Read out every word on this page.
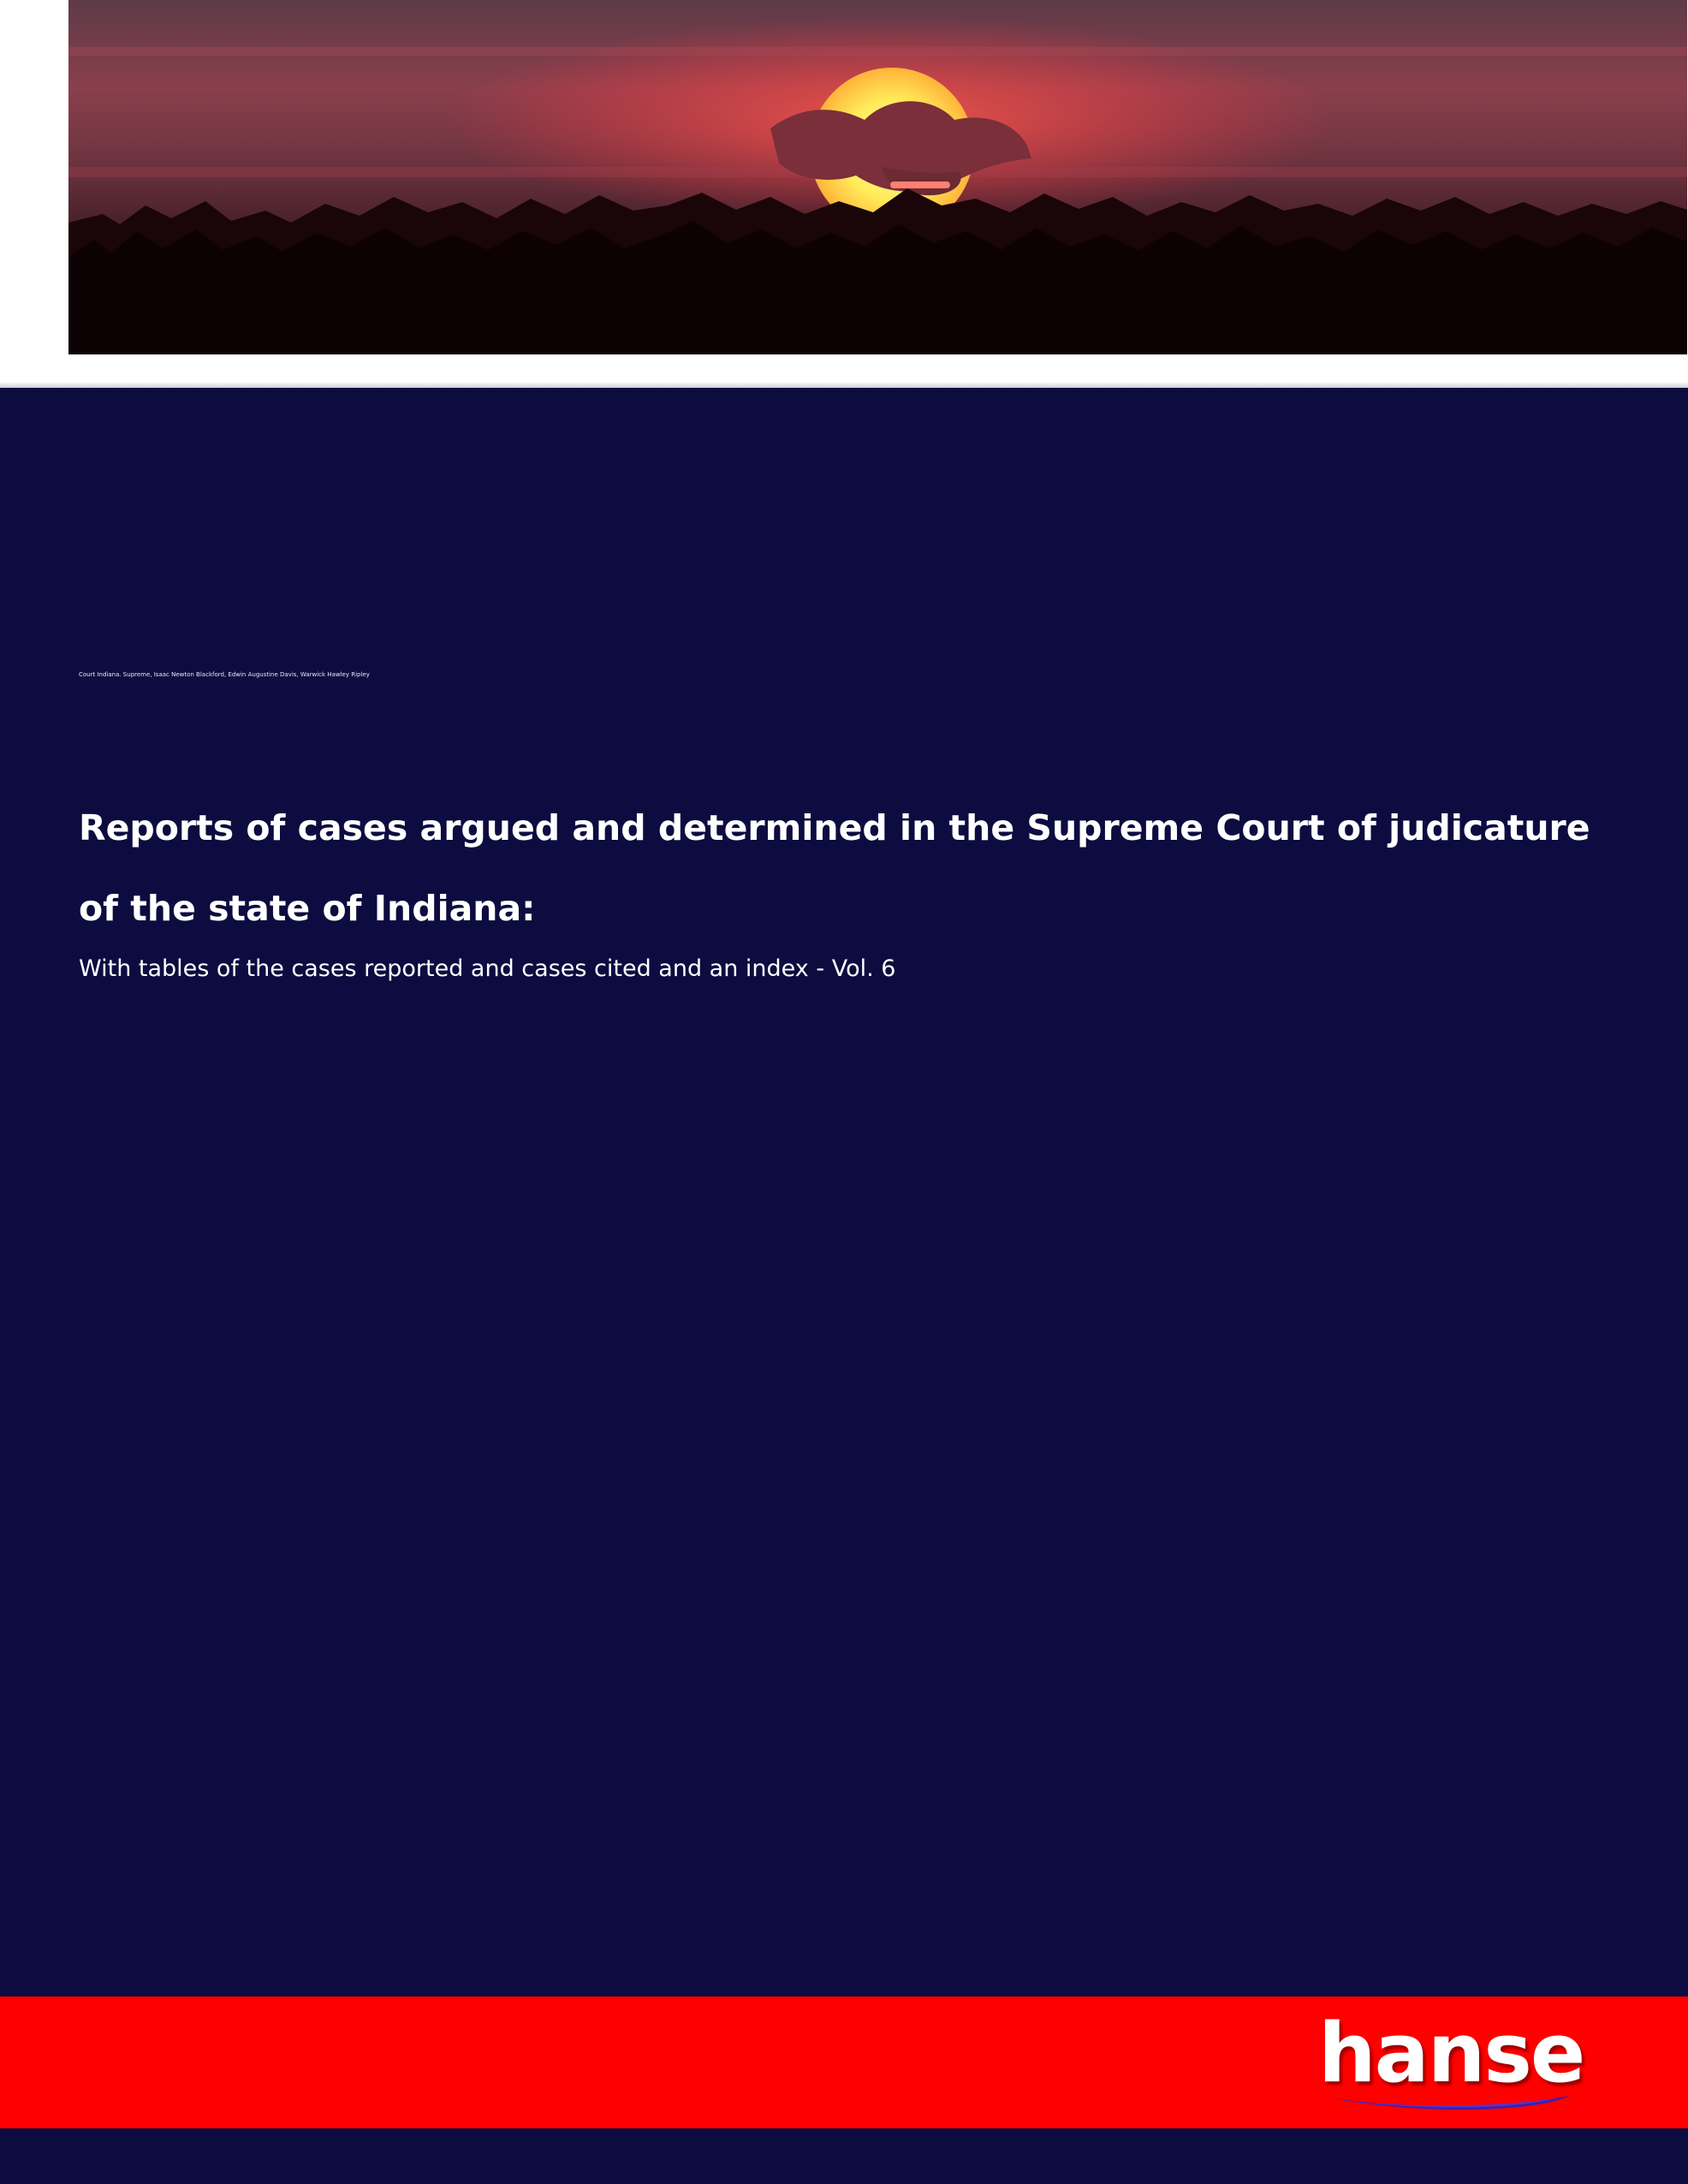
Court Indiana. Supreme, Isaac Newton Blackford, Edwin Augustine Davis, Warwick Hawley Ripley
Reports of cases argued and determined in the Supreme Court of judicature of the state of Indiana:
With tables of the cases reported and cases cited and an index - Vol. 6
hanse
